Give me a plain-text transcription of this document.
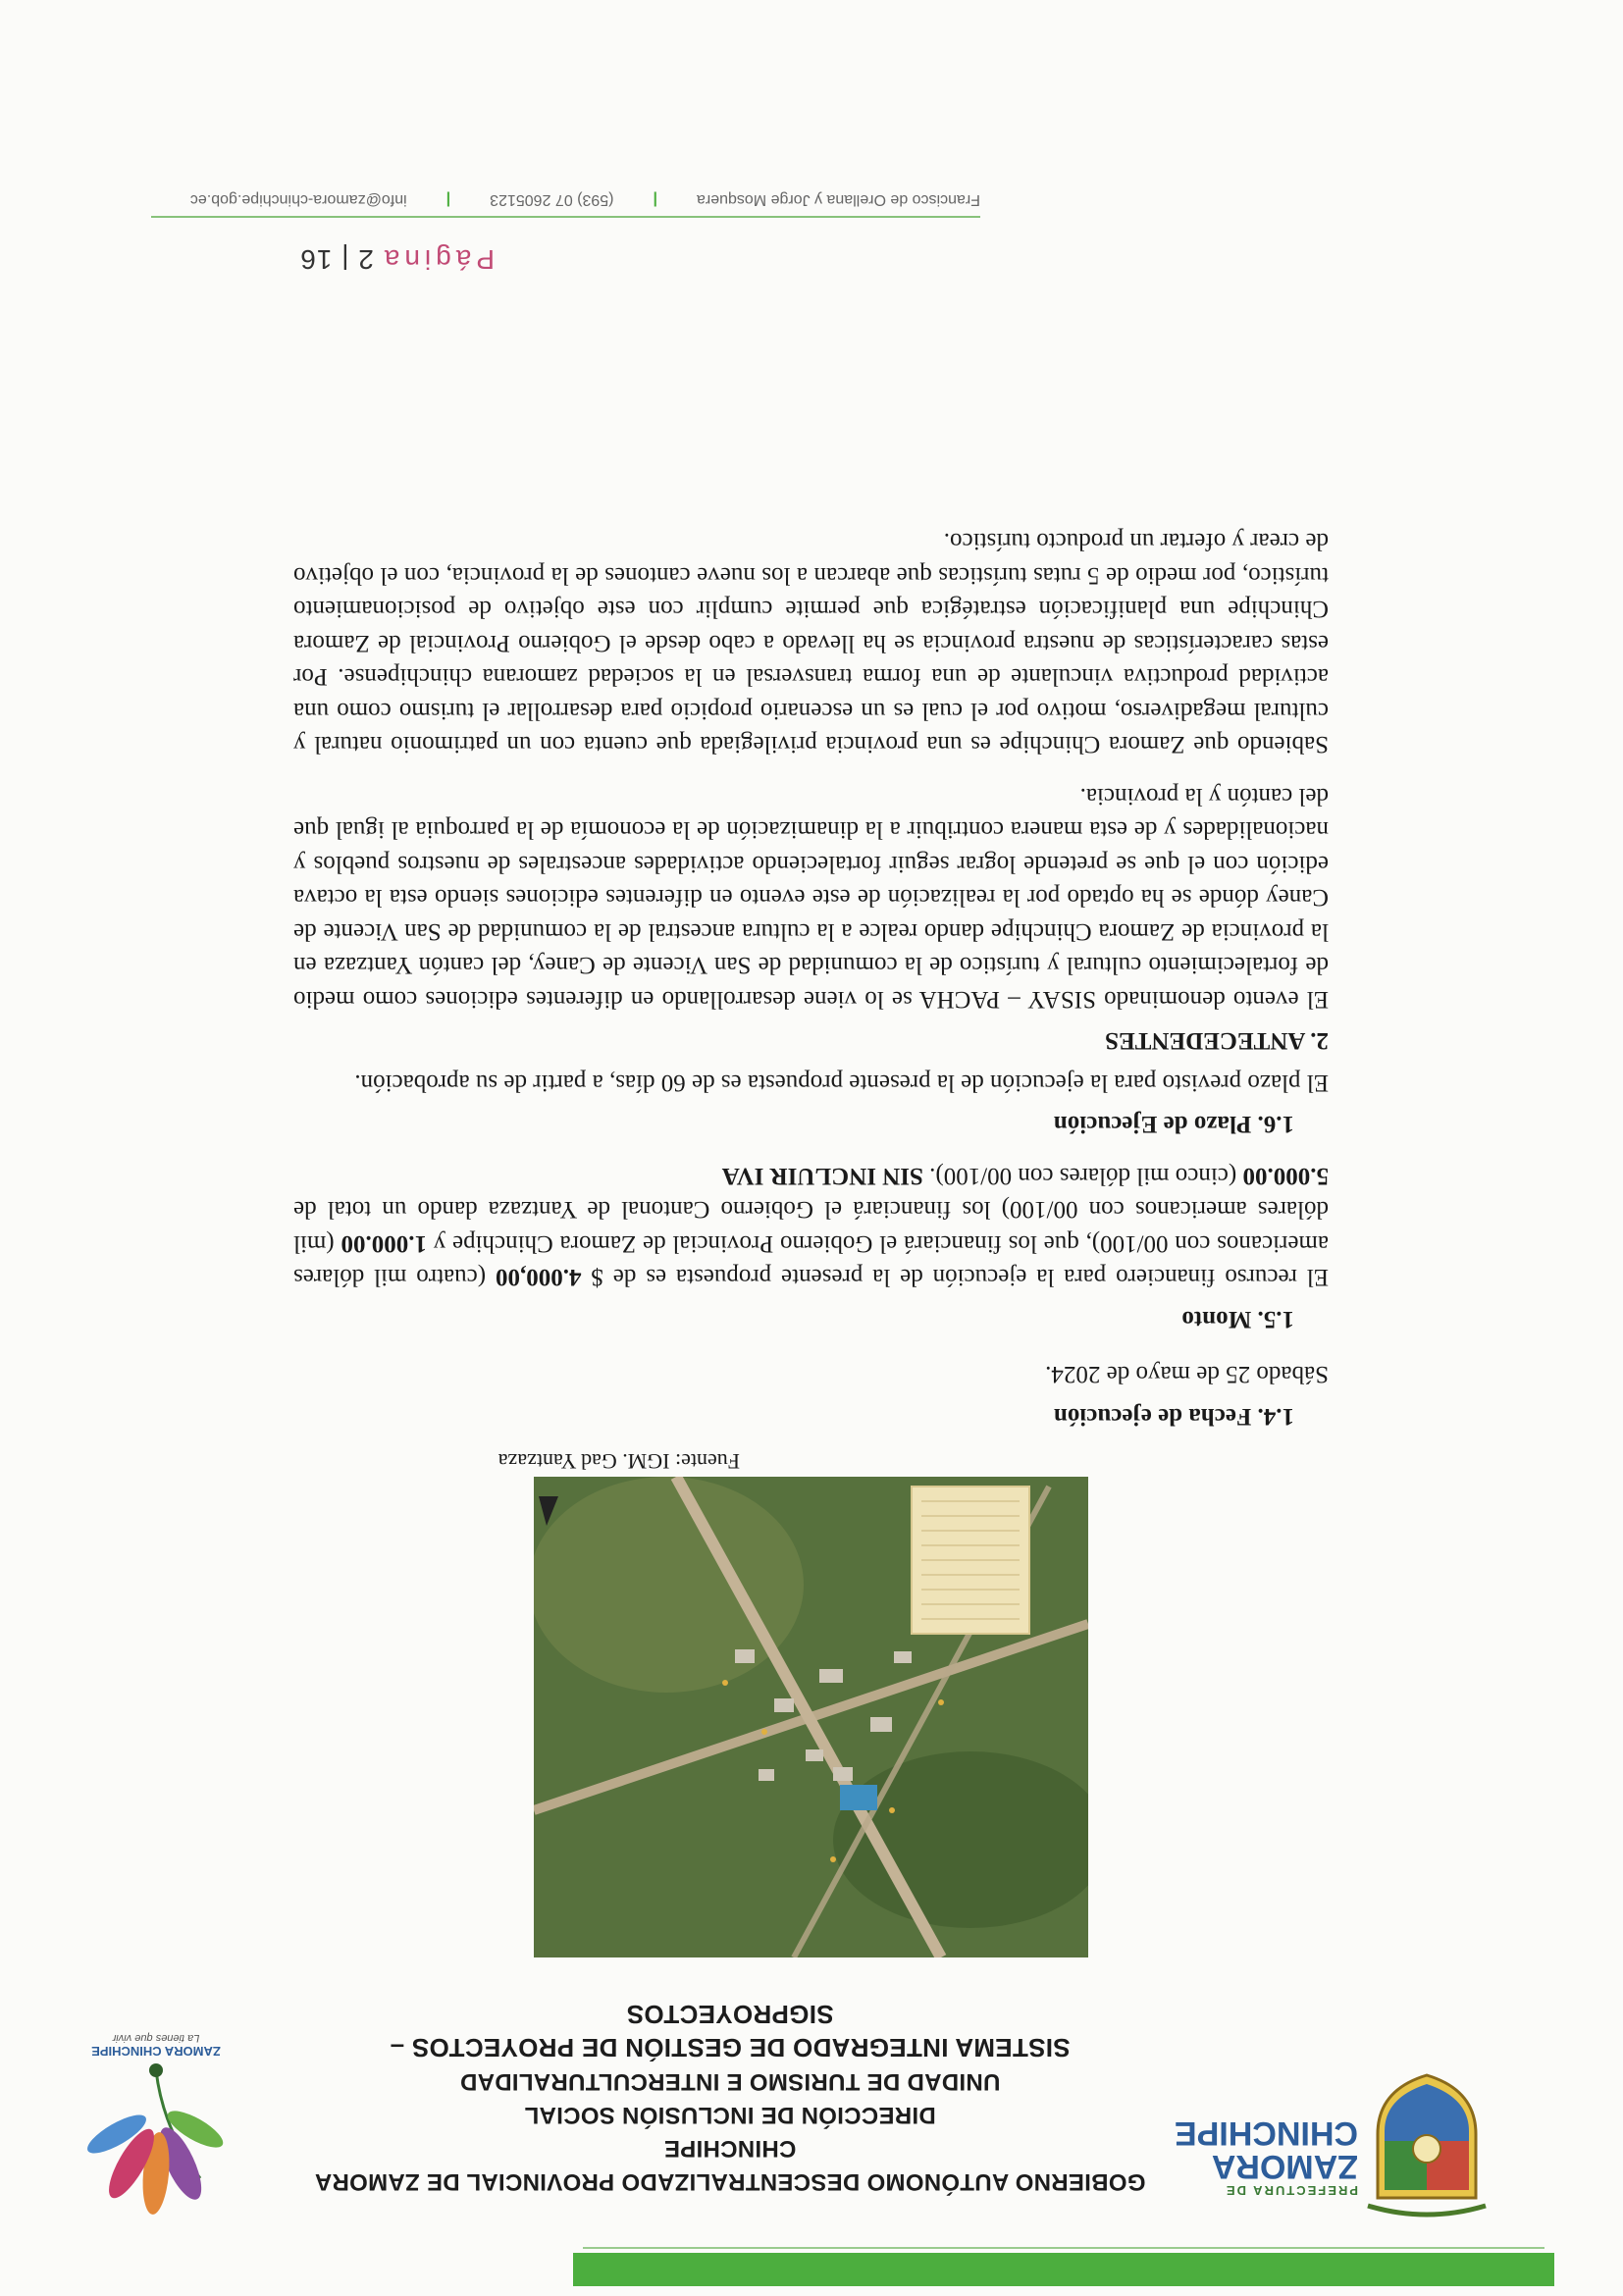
PREFECTURA DE
ZAMORA
CHINCHIPE
GOBIERNO AUTÓNOMO DESCENTRALIZADO PROVINCIAL DE ZAMORA CHINCHIPE
DIRECCIÓN DE INCLUSIÓN SOCIAL
UNIDAD DE TURISMO E INTERCULTURALIDAD
SISTEMA INTEGRADO DE GESTIÓN DE PROYECTOS – SIGPROYECTOS
ZAMORA CHINCHIPE
La tienes que vivir
Fuente: IGM. Gad Yantzaza

1.4. Fecha de ejecución

Sábado 25 de mayo de 2024.

1.5. Monto

El recurso financiero para la ejecución de la presente propuesta es de $ 4.000,00 (cuatro mil dólares americanos con 00/100), que los financiará el Gobierno Provincial de Zamora Chinchipe y 1.000.00 (mil dólares americanos con 00/100) los financiará el Gobierno Cantonal de Yantzaza dando un total de 5.000.00 (cinco mil dólares con 00/100). SIN INCLUIR IVA

1.6. Plazo de Ejecución

El plazo previsto para la ejecución de la presente propuesta es de 60 días, a partir de su aprobación.

2. ANTECEDENTES

El evento denominado SISAY – PACHA se lo viene desarrollando en diferentes ediciones como medio de fortalecimiento cultural y turístico de la comunidad de San Vicente de Caney, del cantón Yantzaza en la provincia de Zamora Chinchipe dando realce a la cultura ancestral de la comunidad de San Vicente de Caney dónde se ha optado por la realización de este evento en diferentes ediciones siendo esta la octava edición con el que se pretende lograr seguir fortaleciendo actividades ancestrales de nuestros pueblos y nacionalidades y de esta manera contribuir a la dinamización de la economía de la parroquia al igual que del cantón y la provincia.

Sabiendo que Zamora Chinchipe es una provincia privilegiada que cuenta con un patrimonio natural y cultural megadiverso, motivo por el cual es un escenario propicio para desarrollar el turismo como una actividad productiva vinculante de una forma transversal en la sociedad zamorana chinchipense. Por estas características de nuestra provincia se ha llevado a cabo desde el Gobierno Provincial de Zamora Chinchipe una planificación estratégica que permite cumplir con este objetivo de posicionamiento turístico, por medio de 5 rutas turísticas que abarcan a los nueve cantones de la provincia, con el objetivo de crear y ofertar un producto turístico.

Página2 | 16
Francisco de Orellana y Jorge Mosquera
|
(593) 07 2605123
|
info@zamora-chinchipe.gob.ec
